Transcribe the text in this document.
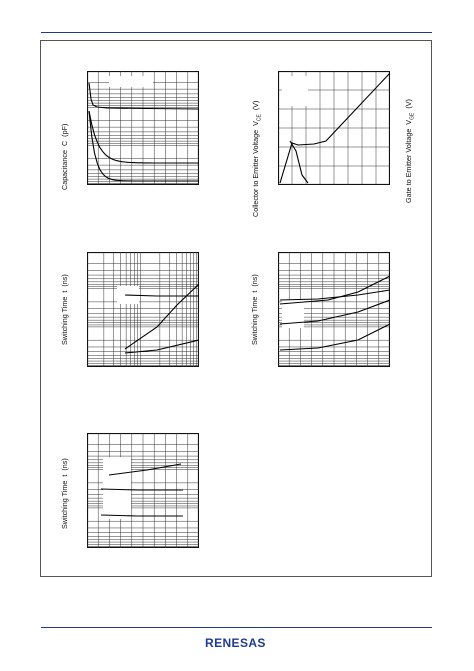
Capacitance  C  (pF)	Collector to Emitter Voltage  $V_{CE}$  (V)
Gate to Emitter Voltage  $V_{GE}$  (V)
Switching Time  t  (ns)
Switching Time  t  (ns)
Switching Time  t  (ns)
RENESAS
